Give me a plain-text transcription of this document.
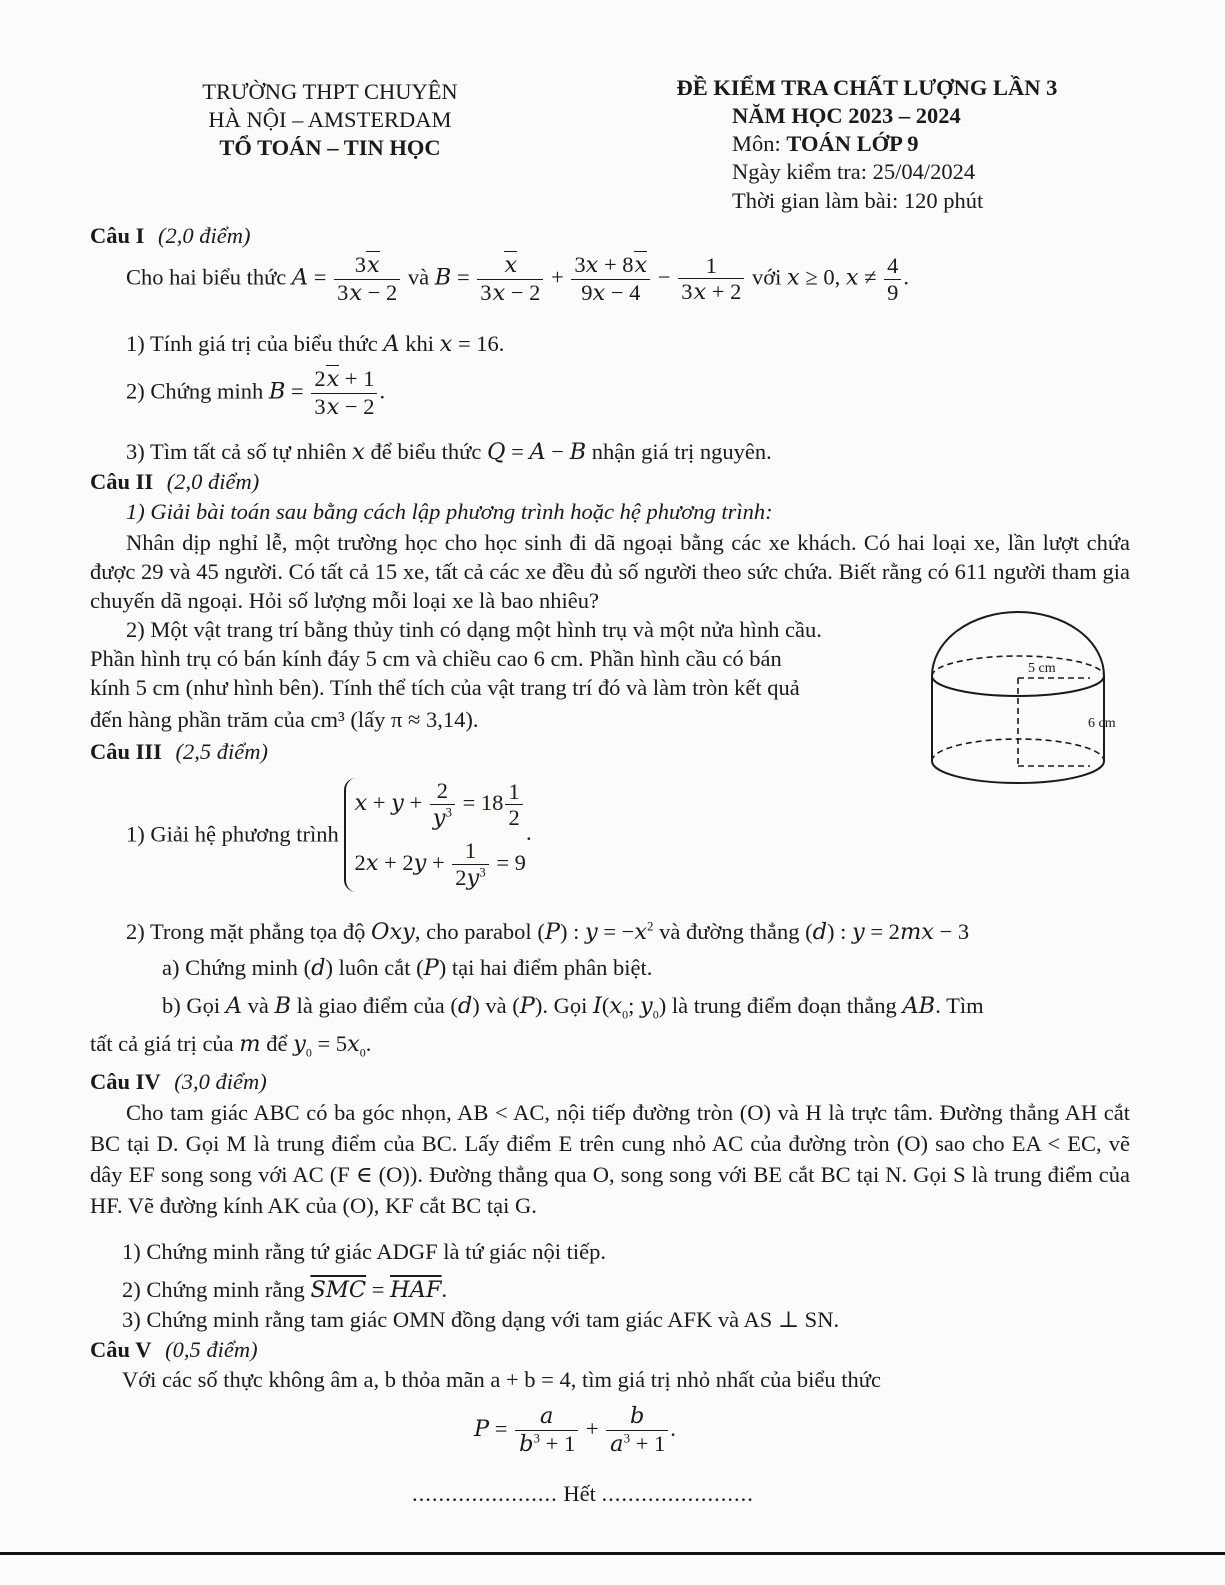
TRƯỜNG THPT CHUYÊN
HÀ NỘI – AMSTERDAM
TỔ TOÁN – TIN HỌC
ĐỀ KIỂM TRA CHẤT LƯỢNG LẦN 3
NĂM HỌC 2023 – 2024
Môn: TOÁN LỚP 9
Ngày kiểm tra: 25/04/2024
Thời gian làm bài: 120 phút
Câu I (2,0 điểm)
Cho hai biểu thức $A = \frac{3x}{3x - 2}$ và $B = \frac{x}{3x - 2} + \frac{3x + 8x}{9x - 4} - \frac{1}{3x + 2}$ với x ≥ 0, $x \ne \frac{4}{9}$ .
1) Tính giá trị của biểu thức A khi x = 16.
2) Chứng minh $B = \frac{2x + 1}{3x - 2}$ .
3) Tìm tất cả số tự nhiên x để biểu thức Q = A − B nhận giá trị nguyên.
Câu II (2,0 điểm)
1) Giải bài toán sau bằng cách lập phương trình hoặc hệ phương trình:
Nhân dịp nghỉ lễ, một trường học cho học sinh đi dã ngoại bằng các xe khách. Có hai loại xe, lần lượt chứa được 29 và 45 người. Có tất cả 15 xe, tất cả các xe đều đủ số người theo sức chứa. Biết rằng có 611 người tham gia chuyến dã ngoại. Hỏi số lượng mỗi loại xe là bao nhiêu?
2) Một vật trang trí bằng thủy tinh có dạng một hình trụ và một nửa hình cầu.
Phần hình trụ có bán kính đáy 5 cm và chiều cao 6 cm. Phần hình cầu có bán
kính 5 cm (như hình bên). Tính thể tích của vật trang trí đó và làm tròn kết quả
đến hàng phần trăm của cm³ (lấy π ≈ 3,14).
5 cm
6 cm
Câu III (2,5 điểm)
1) Giải hệ phương trình
$x + y + \frac{2}{y^3} = 18 \frac{1}{2}$
$2x + 2y + \frac{1}{2y^3} = 9$
.
2) Trong mặt phẳng tọa độ Oxy, cho parabol (P) : $y = -x^2$ và đường thẳng (d) : y = 2mx − 3
a) Chứng minh (d) luôn cắt (P) tại hai điểm phân biệt.
b) Gọi A và B là giao điểm của (d) và (P). Gọi $I(x_0$; $y_0$) là trung điểm đoạn thẳng AB. Tìm
tất cả giá trị của m để $y_0 = 5x_0$.
Câu IV (3,0 điểm)
Cho tam giác ABC có ba góc nhọn, AB < AC, nội tiếp đường tròn (O) và H là trực tâm. Đường thẳng AH cắt BC tại D. Gọi M là trung điểm của BC. Lấy điểm E trên cung nhỏ AC của đường tròn (O) sao cho EA < EC, vẽ dây EF song song với AC (F ∈ (O)). Đường thẳng qua O, song song với BE cắt BC tại N. Gọi S là trung điểm của HF. Vẽ đường kính AK của (O), KF cắt BC tại G.
1) Chứng minh rằng tứ giác ADGF là tứ giác nội tiếp.
2) Chứng minh rằng $\overline{SMC} = \overline{HAF}$.
3) Chứng minh rằng tam giác OMN đồng dạng với tam giác AFK và AS ⊥ SN.
Câu V (0,5 điểm)
Với các số thực không âm a, b thỏa mãn a + b = 4, tìm giá trị nhỏ nhất của biểu thức
$P = \frac{a}{b^3 + 1} + \frac{b}{a^3 + 1}$ .
...................... Hết .......................
